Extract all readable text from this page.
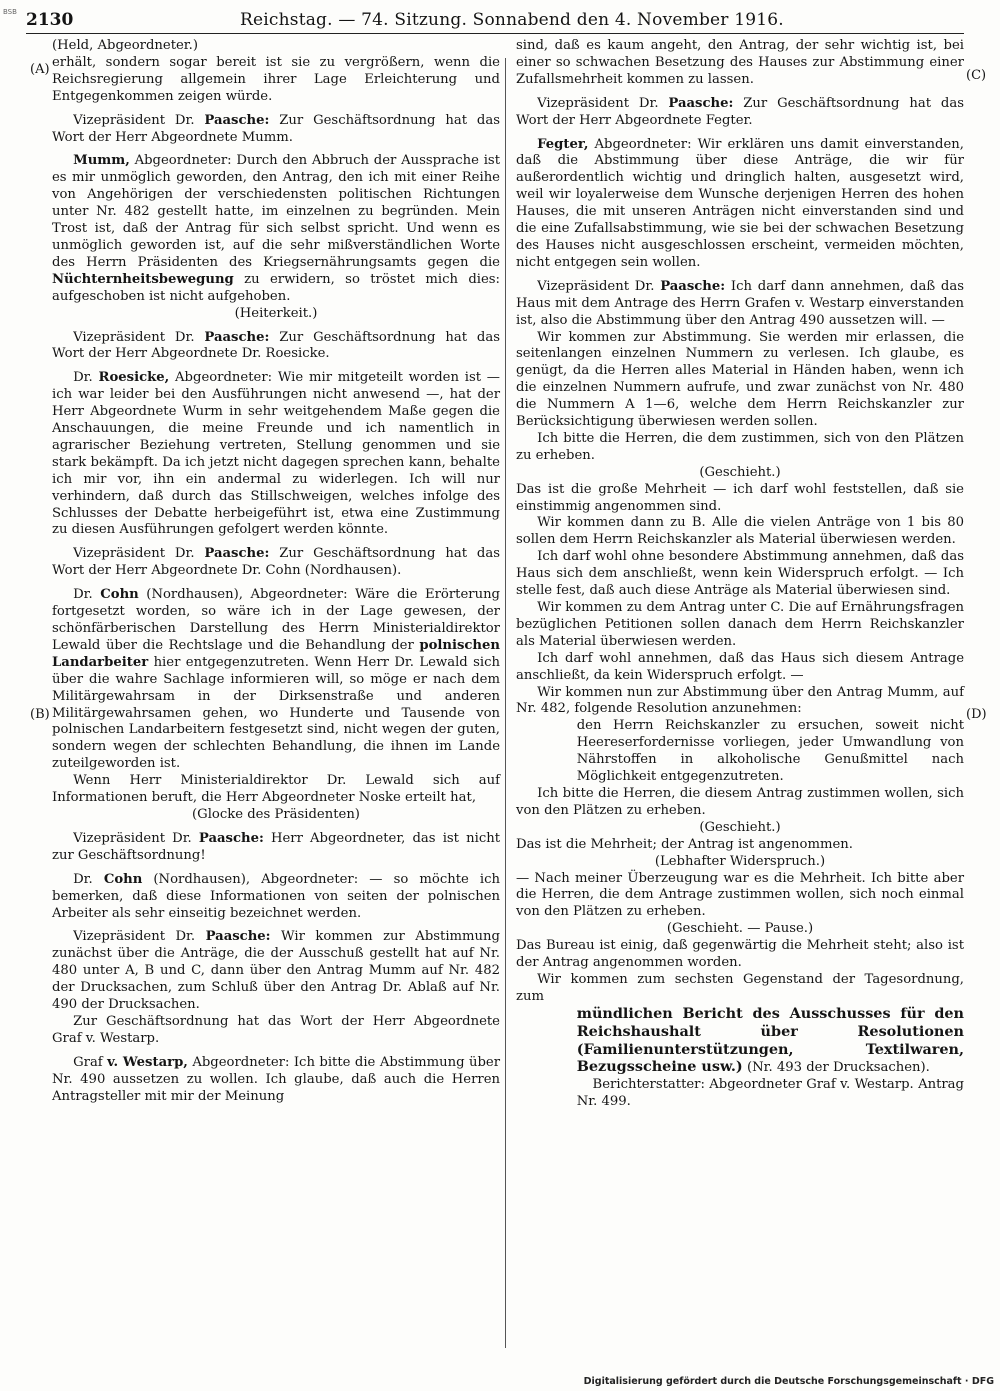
BSB 2130	Reichstag. — 74. Sitzung. Sonnabend den 4. November 1916.
(A)
(B)
(C)
(D)

(Held, Abgeordneter.)

erhält, sondern sogar bereit ist sie zu vergrößern, wenn die Reichsregierung allgemein ihrer Lage Erleichterung und Entgegenkommen zeigen würde.

Vizepräsident Dr. Paasche: Zur Geschäftsordnung hat das Wort der Herr Abgeordnete Mumm.

Mumm, Abgeordneter: Durch den Abbruch der Aussprache ist es mir unmöglich geworden, den Antrag, den ich mit einer Reihe von Angehörigen der verschiedensten politischen Richtungen unter Nr. 482 gestellt hatte, im einzelnen zu begründen. Mein Trost ist, daß der Antrag für sich selbst spricht. Und wenn es unmöglich geworden ist, auf die sehr mißverständlichen Worte des Herrn Präsidenten des Kriegsernährungsamts gegen die Nüchternheitsbewegung zu erwidern, so tröstet mich dies: aufgeschoben ist nicht aufgehoben.

(Heiterkeit.)

Vizepräsident Dr. Paasche: Zur Geschäftsordnung hat das Wort der Herr Abgeordnete Dr. Roesicke.

Dr. Roesicke, Abgeordneter: Wie mir mitgeteilt worden ist — ich war leider bei den Ausführungen nicht anwesend —, hat der Herr Abgeordnete Wurm in sehr weitgehendem Maße gegen die Anschauungen, die meine Freunde und ich namentlich in agrarischer Beziehung vertreten, Stellung genommen und sie stark bekämpft. Da ich jetzt nicht dagegen sprechen kann, behalte ich mir vor, ihn ein andermal zu widerlegen. Ich will nur verhindern, daß durch das Stillschweigen, welches infolge des Schlusses der Debatte herbeigeführt ist, etwa eine Zustimmung zu diesen Ausführungen gefolgert werden könnte.

Vizepräsident Dr. Paasche: Zur Geschäftsordnung hat das Wort der Herr Abgeordnete Dr. Cohn (Nordhausen).

Dr. Cohn (Nordhausen), Abgeordneter: Wäre die Erörterung fortgesetzt worden, so wäre ich in der Lage gewesen, der schönfärberischen Darstellung des Herrn Ministerialdirektor Lewald über die Rechtslage und die Behandlung der polnischen Landarbeiter hier entgegenzutreten. Wenn Herr Dr. Lewald sich über die wahre Sachlage informieren will, so möge er nach dem Militärgewahrsam in der Dirksenstraße und anderen Militärgewahrsamen gehen, wo Hunderte und Tausende von polnischen Landarbeitern festgesetzt sind, nicht wegen der guten, sondern wegen der schlechten Behandlung, die ihnen im Lande zuteilgeworden ist.

Wenn Herr Ministerialdirektor Dr. Lewald sich auf Informationen beruft, die Herr Abgeordneter Noske erteilt hat,

(Glocke des Präsidenten)

Vizepräsident Dr. Paasche: Herr Abgeordneter, das ist nicht zur Geschäftsordnung!

Dr. Cohn (Nordhausen), Abgeordneter: — so möchte ich bemerken, daß diese Informationen von seiten der polnischen Arbeiter als sehr einseitig bezeichnet werden.

Vizepräsident Dr. Paasche: Wir kommen zur Abstimmung zunächst über die Anträge, die der Ausschuß gestellt hat auf Nr. 480 unter A, B und C, dann über den Antrag Mumm auf Nr. 482 der Drucksachen, zum Schluß über den Antrag Dr. Ablaß auf Nr. 490 der Drucksachen.

Zur Geschäftsordnung hat das Wort der Herr Abgeordnete Graf v. Westarp.

Graf v. Westarp, Abgeordneter: Ich bitte die Abstimmung über Nr. 490 aussetzen zu wollen. Ich glaube, daß auch die Herren Antragsteller mit mir der Meinung

sind, daß es kaum angeht, den Antrag, der sehr wichtig ist, bei einer so schwachen Besetzung des Hauses zur Abstimmung einer Zufallsmehrheit kommen zu lassen.

Vizepräsident Dr. Paasche: Zur Geschäftsordnung hat das Wort der Herr Abgeordnete Fegter.

Fegter, Abgeordneter: Wir erklären uns damit einverstanden, daß die Abstimmung über diese Anträge, die wir für außerordentlich wichtig und dringlich halten, ausgesetzt wird, weil wir loyalerweise dem Wunsche derjenigen Herren des hohen Hauses, die mit unseren Anträgen nicht einverstanden sind und die eine Zufallsabstimmung, wie sie bei der schwachen Besetzung des Hauses nicht ausgeschlossen erscheint, vermeiden möchten, nicht entgegen sein wollen.

Vizepräsident Dr. Paasche: Ich darf dann annehmen, daß das Haus mit dem Antrage des Herrn Grafen v. Westarp einverstanden ist, also die Abstimmung über den Antrag 490 aussetzen will. —

Wir kommen zur Abstimmung. Sie werden mir erlassen, die seitenlangen einzelnen Nummern zu verlesen. Ich glaube, es genügt, da die Herren alles Material in Händen haben, wenn ich die einzelnen Nummern aufrufe, und zwar zunächst von Nr. 480 die Nummern A 1—6, welche dem Herrn Reichskanzler zur Berücksichtigung überwiesen werden sollen.

Ich bitte die Herren, die dem zustimmen, sich von den Plätzen zu erheben.

(Geschieht.)

Das ist die große Mehrheit — ich darf wohl feststellen, daß sie einstimmig angenommen sind.

Wir kommen dann zu B. Alle die vielen Anträge von 1 bis 80 sollen dem Herrn Reichskanzler als Material überwiesen werden.

Ich darf wohl ohne besondere Abstimmung annehmen, daß das Haus sich dem anschließt, wenn kein Widerspruch erfolgt. — Ich stelle fest, daß auch diese Anträge als Material überwiesen sind.

Wir kommen zu dem Antrag unter C. Die auf Ernährungsfragen bezüglichen Petitionen sollen danach dem Herrn Reichskanzler als Material überwiesen werden.

Ich darf wohl annehmen, daß das Haus sich diesem Antrage anschließt, da kein Widerspruch erfolgt. —

Wir kommen nun zur Abstimmung über den Antrag Mumm, auf Nr. 482, folgende Resolution anzunehmen:

den Herrn Reichskanzler zu ersuchen, soweit nicht Heereserfordernisse vorliegen, jeder Umwandlung von Nährstoffen in alkoholische Genußmittel nach Möglichkeit entgegenzutreten.

Ich bitte die Herren, die diesem Antrag zustimmen wollen, sich von den Plätzen zu erheben.

(Geschieht.)

Das ist die Mehrheit; der Antrag ist angenommen.

(Lebhafter Widerspruch.)

— Nach meiner Überzeugung war es die Mehrheit. Ich bitte aber die Herren, die dem Antrage zustimmen wollen, sich noch einmal von den Plätzen zu erheben.

(Geschieht. — Pause.)

Das Bureau ist einig, daß gegenwärtig die Mehrheit steht; also ist der Antrag angenommen worden.

Wir kommen zum sechsten Gegenstand der Tagesordnung, zum

mündlichen Bericht des Ausschusses für den Reichshaushalt über Resolutionen (Familienunterstützungen, Textilwaren, Bezugsscheine usw.) (Nr. 493 der Drucksachen).

Berichterstatter: Abgeordneter Graf v. Westarp. Antrag Nr. 499.

Digitalisierung gefördert durch die Deutsche Forschungsgemeinschaft · DFG
